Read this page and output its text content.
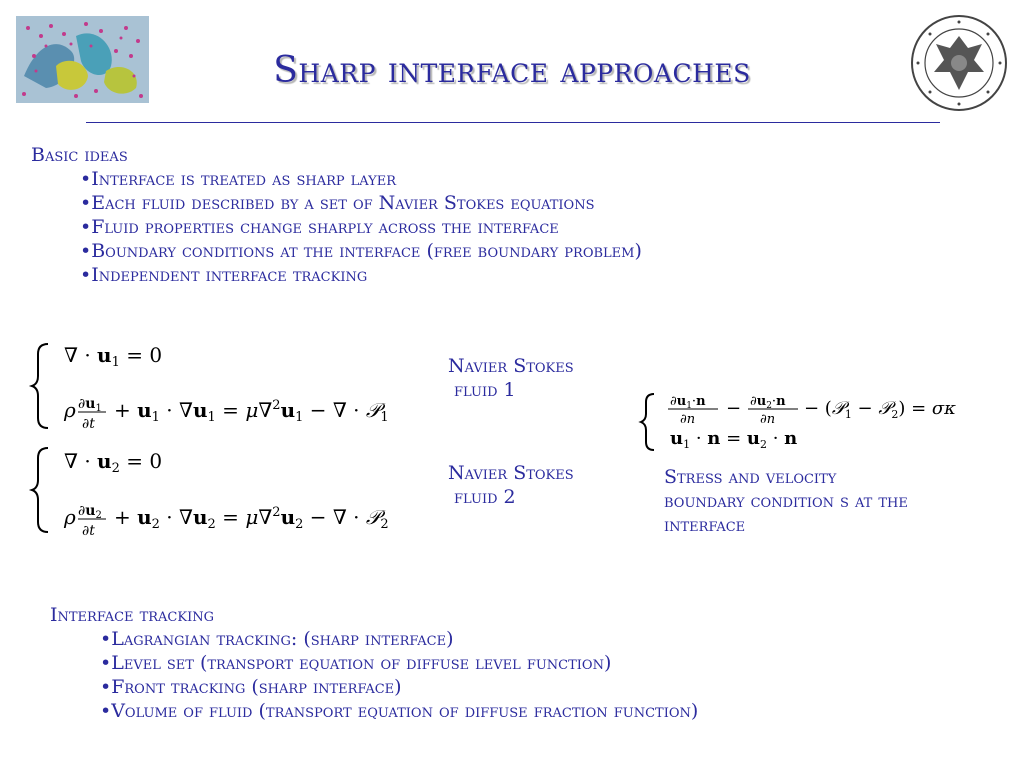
Sharp interface approaches
Basic ideas
•Interface is treated as sharp layer
•Each fluid described by a set of Navier Stokes equations
•Fluid properties change sharply across the interface
•Boundary conditions at the interface (free boundary problem)
•Independent interface tracking
∇ · $u_1 = 0$
ρ $\partial u_1$
∂t
+ $u_1 \cdot \nabla u_1 = \mu\nabla^2u_1$ − ∇ · 𝒫$_1$
∇ · $u_2 = 0$
ρ $\partial u_2$
∂t
+ $u_2 \cdot \nabla u_2 = \mu\nabla^2u_2$ − ∇ · 𝒫$_2$
$\partial u_1\cdot n$
∂n
− $\partial u_2\cdot n$
∂n
− (𝒫$_1$ − 𝒫$_2$) = σκ
$u_1 \cdot n = u_2 \cdot n$
Navier Stokes
fluid 1
Navier Stokes
fluid 2
Stress and velocity
boundary condition s at the
interface
Interface tracking
•Lagrangian tracking: (sharp interface)
•Level set (transport equation of diffuse level function)
•Front tracking (sharp interface)
•Volume of fluid (transport equation of diffuse fraction function)
